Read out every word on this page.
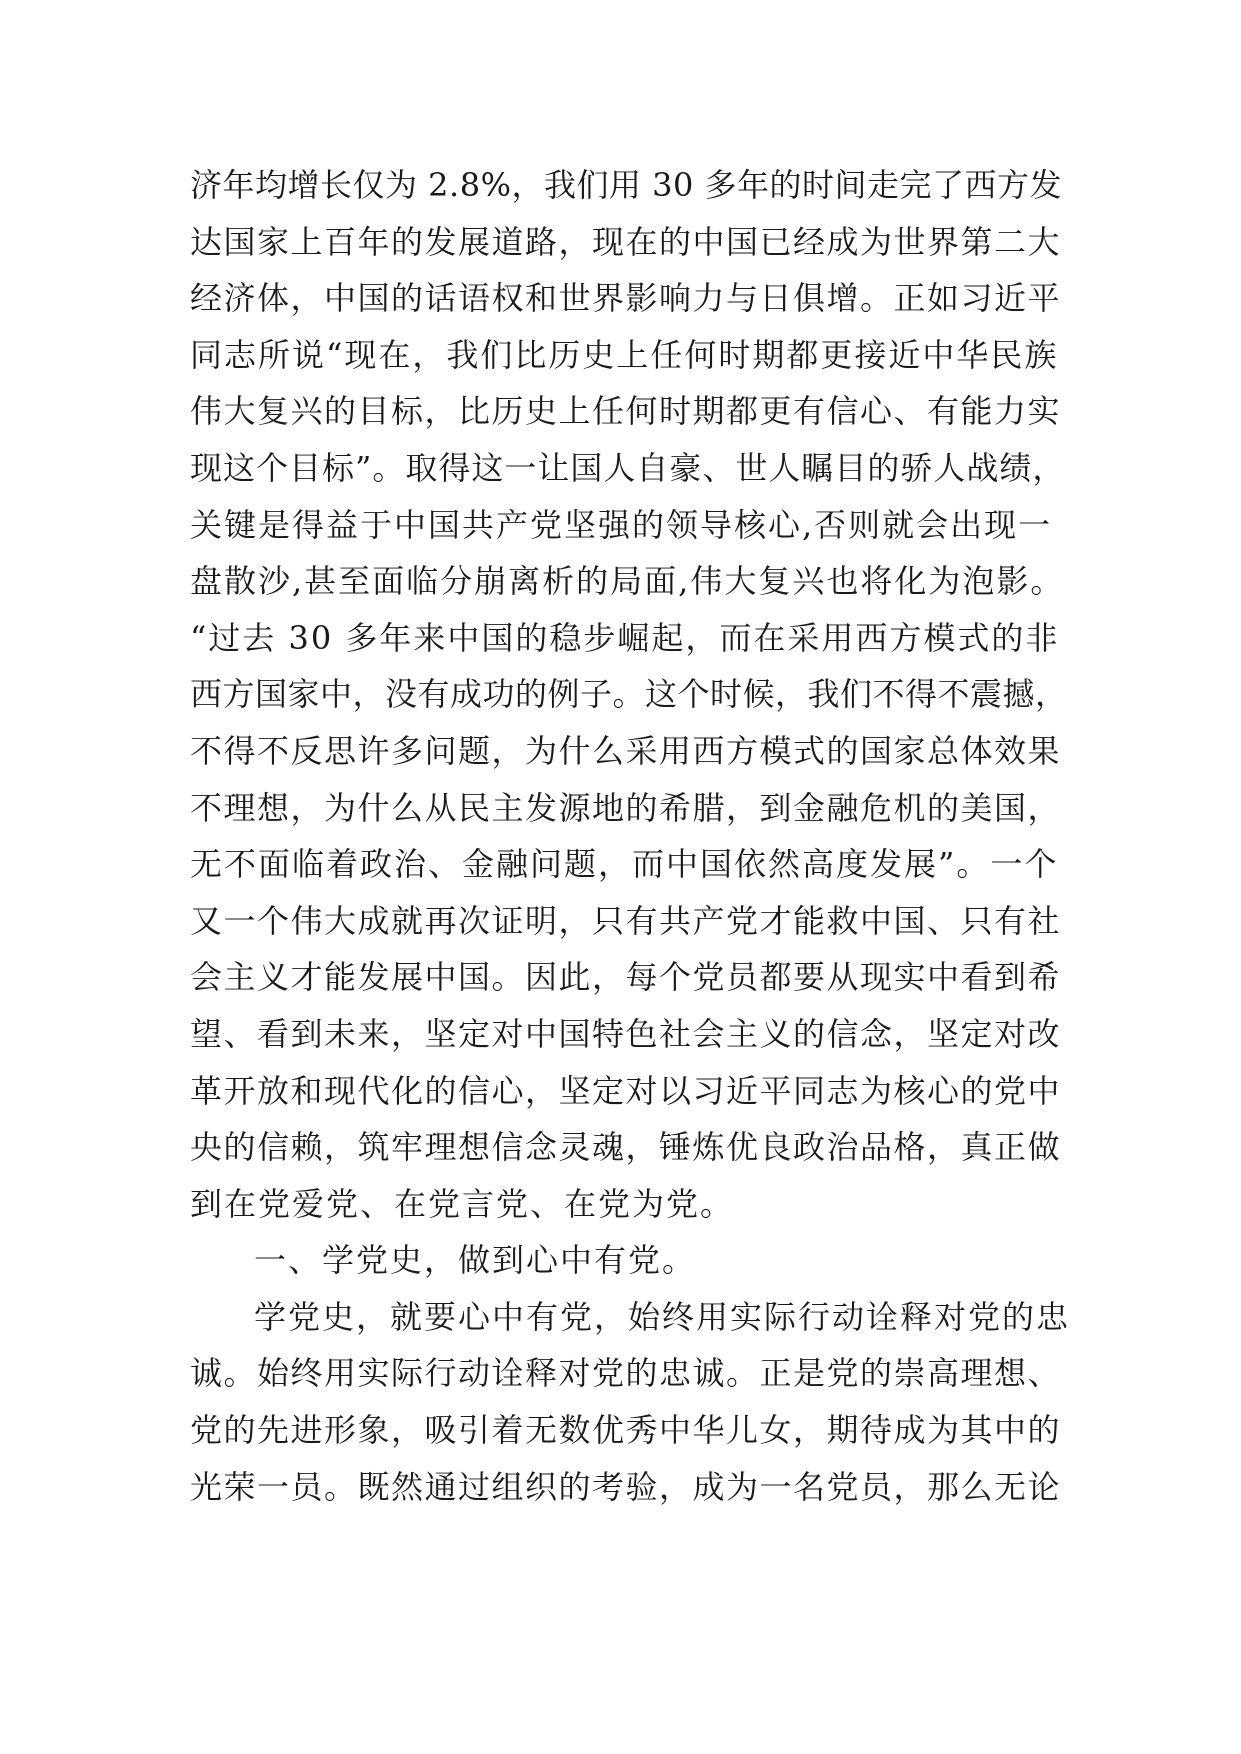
济年均增长仅为 2.8%，我们用 30 多年的时间走完了西方发
达国家上百年的发展道路，现在的中国已经成为世界第二大
经济体，中国的话语权和世界影响力与日俱增。正如习近平
同志所说“现在，我们比历史上任何时期都更接近中华民族
伟大复兴的目标，比历史上任何时期都更有信心、有能力实
现这个目标”。取得这一让国人自豪、世人瞩目的骄人战绩，
关键是得益于中国共产党坚强的领导核心,否则就会出现一
盘散沙,甚至面临分崩离析的局面,伟大复兴也将化为泡影。
“过去 30 多年来中国的稳步崛起，而在采用西方模式的非
西方国家中，没有成功的例子。这个时候，我们不得不震撼，
不得不反思许多问题，为什么采用西方模式的国家总体效果
不理想，为什么从民主发源地的希腊，到金融危机的美国，
无不面临着政治、金融问题，而中国依然高度发展”。一个
又一个伟大成就再次证明，只有共产党才能救中国、只有社
会主义才能发展中国。因此，每个党员都要从现实中看到希
望、看到未来，坚定对中国特色社会主义的信念，坚定对改
革开放和现代化的信心，坚定对以习近平同志为核心的党中
央的信赖，筑牢理想信念灵魂，锤炼优良政治品格，真正做
到在党爱党、在党言党、在党为党。
一、学党史，做到心中有党。
学党史，就要心中有党，始终用实际行动诠释对党的忠
诚。始终用实际行动诠释对党的忠诚。正是党的崇高理想、
党的先进形象，吸引着无数优秀中华儿女，期待成为其中的
光荣一员。既然通过组织的考验，成为一名党员，那么无论
